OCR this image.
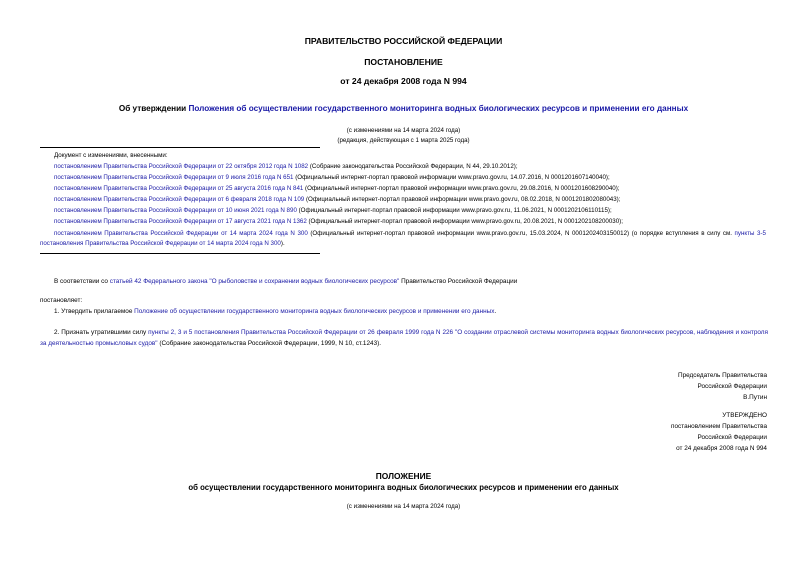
ПРАВИТЕЛЬСТВО РОССИЙСКОЙ ФЕДЕРАЦИИ
ПОСТАНОВЛЕНИЕ
от 24 декабря 2008 года N 994
Об утверждении Положения об осуществлении государственного мониторинга водных биологических ресурсов и применении его данных
(с изменениями на 14 марта 2024 года)
(редакция, действующая с 1 марта 2025 года)
Документ с изменениями, внесенными:
постановлением Правительства Российской Федерации от 22 октября 2012 года N 1082 (Собрание законодательства Российской Федерации, N 44, 29.10.2012);
постановлением Правительства Российской Федерации от 9 июля 2016 года N 651 (Официальный интернет-портал правовой информации www.pravo.gov.ru, 14.07.2016, N 0001201607140040);
постановлением Правительства Российской Федерации от 25 августа 2016 года N 841 (Официальный интернет-портал правовой информации www.pravo.gov.ru, 29.08.2016, N 0001201608290040);
постановлением Правительства Российской Федерации от 6 февраля 2018 года N 109 (Официальный интернет-портал правовой информации www.pravo.gov.ru, 08.02.2018, N 0001201802080043);
постановлением Правительства Российской Федерации от 10 июня 2021 года N 890 (Официальный интернет-портал правовой информации www.pravo.gov.ru, 11.06.2021, N 0001202106110115);
постановлением Правительства Российской Федерации от 17 августа 2021 года N 1362 (Официальный интернет-портал правовой информации www.pravo.gov.ru, 20.08.2021, N 0001202108200030);
постановлением Правительства Российской Федерации от 14 марта 2024 года N 300 (Официальный интернет-портал правовой информации www.pravo.gov.ru, 15.03.2024, N 0001202403150012) (о порядке вступления в силу см. пункты 3-5 постановления Правительства Российской Федерации от 14 марта 2024 года N 300).
В соответствии со статьей 42 Федерального закона "О рыболовстве и сохранении водных биологических ресурсов" Правительство Российской Федерации
постановляет:
1. Утвердить прилагаемое Положение об осуществлении государственного мониторинга водных биологических ресурсов и применении его данных.
2. Признать утратившими силу пункты 2, 3 и 5 постановления Правительства Российской Федерации от 26 февраля 1999 года N 226 "О создании отраслевой системы мониторинга водных биологических ресурсов, наблюдения и контроля за деятельностью промысловых судов" (Собрание законодательства Российской Федерации, 1999, N 10, ст.1243).
Председатель Правительства
Российской Федерации
В.Путин
УТВЕРЖДЕНО
постановлением Правительства
Российской Федерации
от 24 декабря 2008 года N 994
ПОЛОЖЕНИЕ
об осуществлении государственного мониторинга водных биологических ресурсов и применении его данных
(с изменениями на 14 марта 2024 года)
